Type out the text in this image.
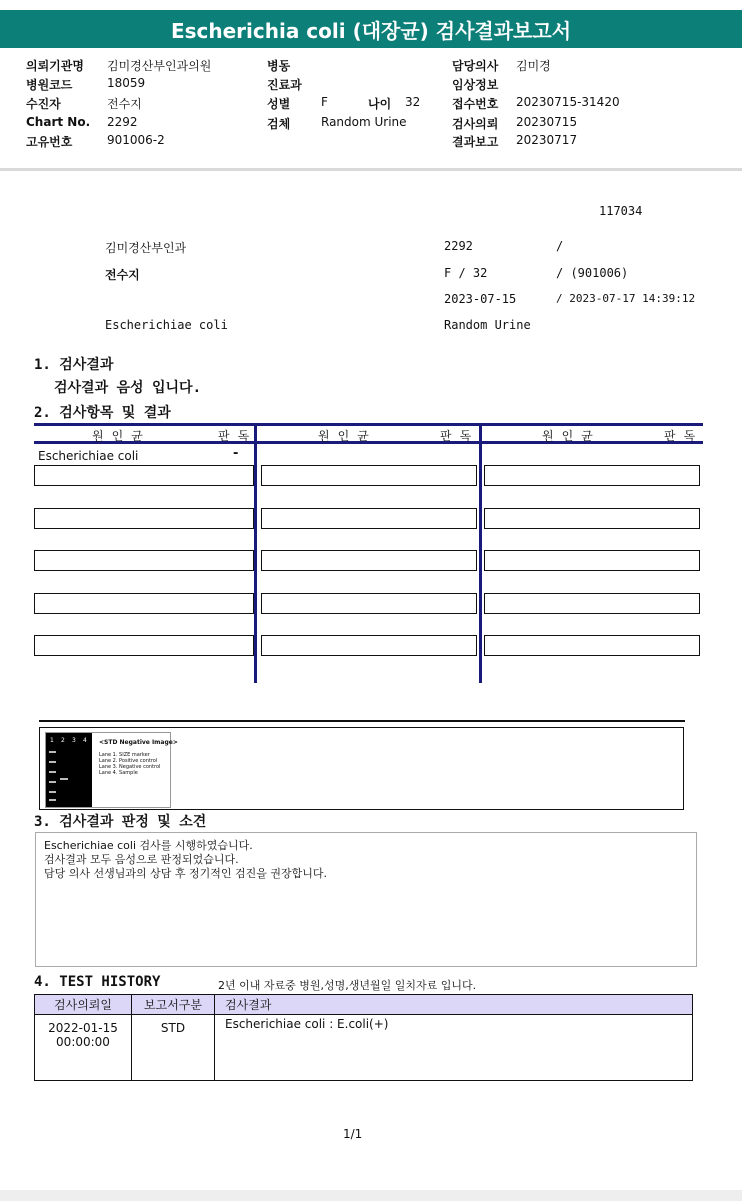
Escherichia coli (대장균) 검사결과보고서
의뢰기관명 김미경산부인과의원
병원코드	18059
수진자	전수지
Chart No. 2292
고유번호	901006-2
병동
진료과
성별	F	나이 32
검체	Random Urine
담당의사 김미경
임상정보
접수번호 20230715-31420
검사의뢰 20230715
결과보고 20230717
117034
김미경산부인과	2292	/
전수지	F / 32	/ (901006)
2023-07-15	/ 2023-07-17 14:39:12
Escherichiae coli	Random Urine
1. 검사결과
검사결과 음성 입니다.
2. 검사항목 및 결과
원인균	판독	원인균	판독	원인균	판독
Escherichiae coli	-
1 2 3 4 <STD Negative Image>
Lane 1. SIZE marker
Lane 2. Positive control
Lane 3. Negative control
Lane 4. Sample
3. 검사결과 판정 및 소견
Escherichiae coli 검사를 시행하였습니다.
검사결과 모두 음성으로 판정되었습니다.
담당 의사 선생님과의 상담 후 정기적인 검진을 권장합니다.
4. TEST HISTORY	2년 이내 자료중 병원,성명,생년월일 일치자료 입니다.
검사의뢰일	보고서구분	검사결과

2022-01-15
00:00:00	STD	Escherichiae coli : E.coli(+)
1/1
